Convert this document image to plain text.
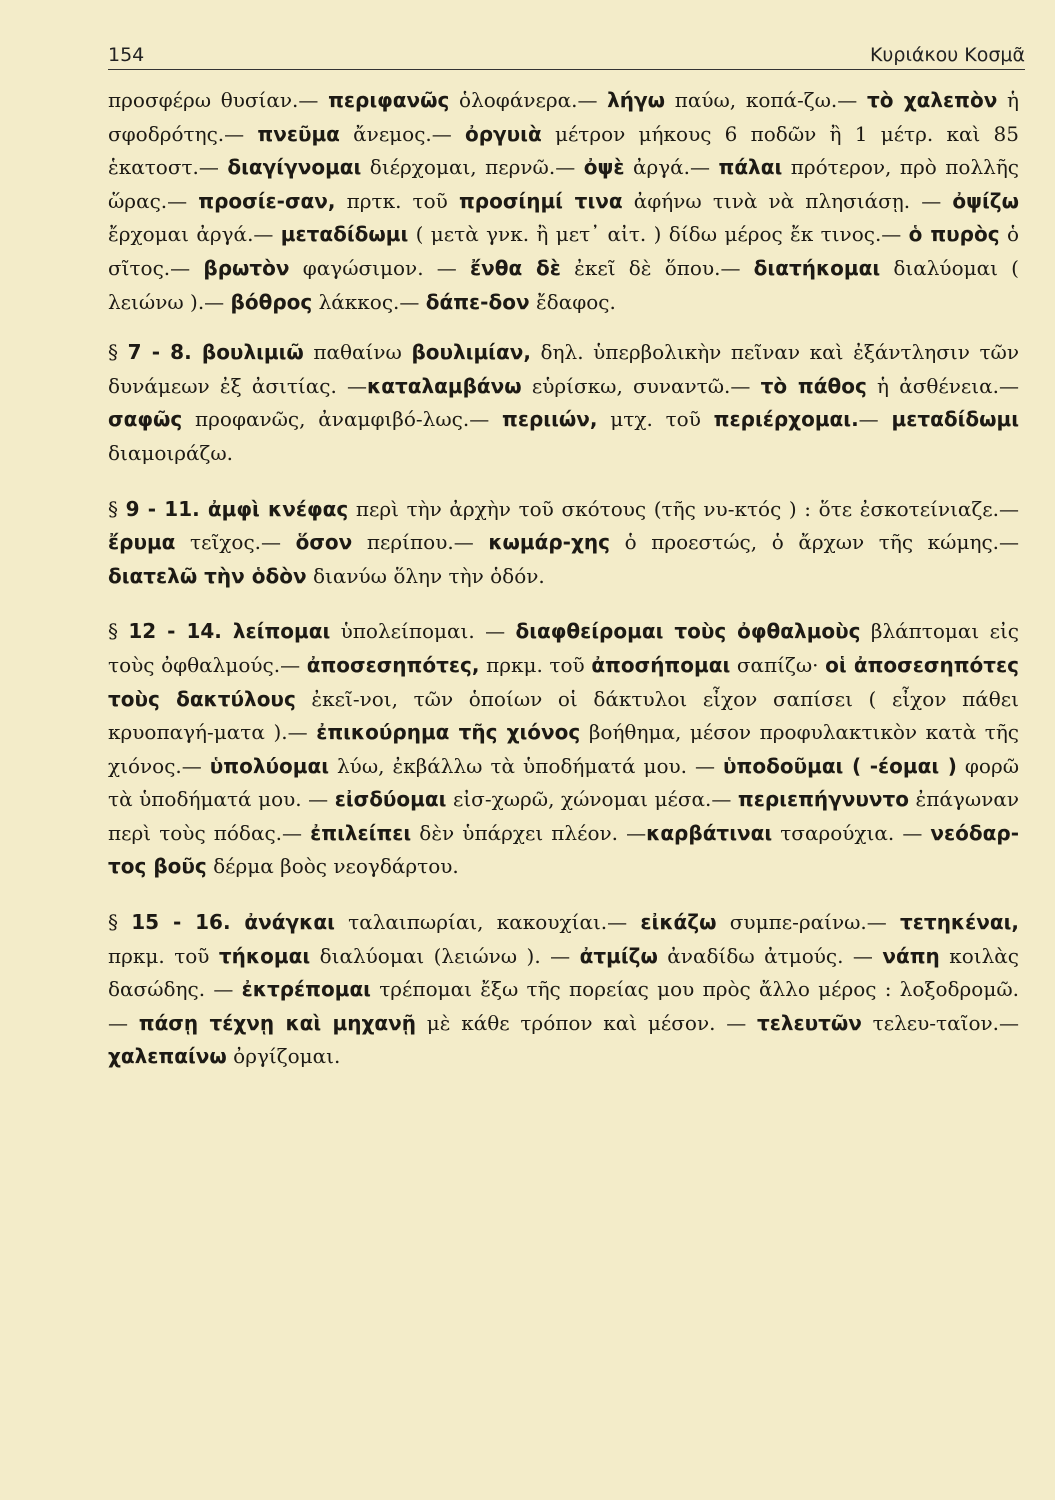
154	Κυριάκου Κοσμᾶ

προσφέρω θυσίαν.— περιφανῶς ὁλοφάνερα.— λήγω παύω, κοπά-ζω.— τὸ χαλεπὸν ἡ σφοδρότης.— πνεῦμα ἄνεμος.— ὀργυιὰ μέτρον μήκους 6 ποδῶν ἢ 1 μέτρ. καὶ 85 ἑκατοστ.— διαγίγνομαι διέρχομαι, περνῶ.— ὀψὲ ἀργά.— πάλαι πρότερον, πρὸ πολλῆς ὥρας.— προσίε-σαν, πρτκ. τοῦ προσίημί τινα ἀφήνω τινὰ νὰ πλησιάσῃ. — ὀψίζω ἔρχομαι ἀργά.— μεταδίδωμι ( μετὰ γνκ. ἢ μετ᾽ αἰτ. ) δίδω μέρος ἔκ τινος.— ὁ πυρὸς ὁ σῖτος.— βρωτὸν φαγώσιμον. — ἔνθα δὲ ἐκεῖ δὲ ὅπου.— διατήκομαι διαλύομαι ( λειώνω ).— βόθρος λάκκος.— δάπε-δον ἔδαφος.

§ 7 - 8. βουλιμιῶ παθαίνω βουλιμίαν, δηλ. ὑπερβολικὴν πεῖναν καὶ ἐξάντλησιν τῶν δυνάμεων ἐξ ἀσιτίας. —καταλαμβάνω εὑρίσκω, συναντῶ.— τὸ πάθος ἡ ἀσθένεια.— σαφῶς προφανῶς, ἀναμφιβό-λως.— περιιών, μτχ. τοῦ περιέρχομαι.— μεταδίδωμι διαμοιράζω.

§ 9 - 11. ἀμφὶ κνέφας περὶ τὴν ἀρχὴν τοῦ σκότους (τῆς νυ-κτός ) : ὅτε ἐσκοτείνιαζε.— ἔρυμα τεῖχος.— ὅσον περίπου.— κωμάρ-χης ὁ προεστώς, ὁ ἄρχων τῆς κώμης.—διατελῶ τὴν ὁδὸν διανύω ὅλην τὴν ὁδόν.

§ 12 - 14. λείπομαι ὑπολείπομαι. — διαφθείρομαι τοὺς ὀφθαλμοὺς βλάπτομαι εἰς τοὺς ὀφθαλμούς.— ἀποσεσηπότες, πρκμ. τοῦ ἀποσήπομαι σαπίζω· οἱ ἀποσεσηπότες τοὺς δακτύλους ἐκεῖ-νοι, τῶν ὁποίων οἱ δάκτυλοι εἶχον σαπίσει ( εἶχον πάθει κρυοπαγή-ματα ).— ἐπικούρημα τῆς χιόνος βοήθημα, μέσον προφυλακτικὸν κατὰ τῆς χιόνος.— ὑπολύομαι λύω, ἐκβάλλω τὰ ὑποδήματά μου. — ὑποδοῦμαι ( -έομαι ) φορῶ τὰ ὑποδήματά μου. — εἰσδύομαι εἰσ-χωρῶ, χώνομαι μέσα.— περιεπήγνυντο ἐπάγωναν περὶ τοὺς πόδας.— ἐπιλείπει δὲν ὑπάρχει πλέον. —καρβάτιναι τσαρούχια. — νεόδαρ-τος βοῦς δέρμα βοὸς νεογδάρτου.

§ 15 - 16. ἀνάγκαι ταλαιπωρίαι, κακουχίαι.— εἰκάζω συμπε-ραίνω.— τετηκέναι, πρκμ. τοῦ τήκομαι διαλύομαι (λειώνω ). — ἀτμίζω ἀναδίδω ἀτμούς. — νάπη κοιλὰς δασώδης. — ἐκτρέπομαι τρέπομαι ἔξω τῆς πορείας μου πρὸς ἄλλο μέρος : λοξοδρομῶ. — πάσῃ τέχνῃ καὶ μηχανῇ μὲ κάθε τρόπον καὶ μέσον. — τελευτῶν τελευ-ταῖον.— χαλεπαίνω ὀργίζομαι.
